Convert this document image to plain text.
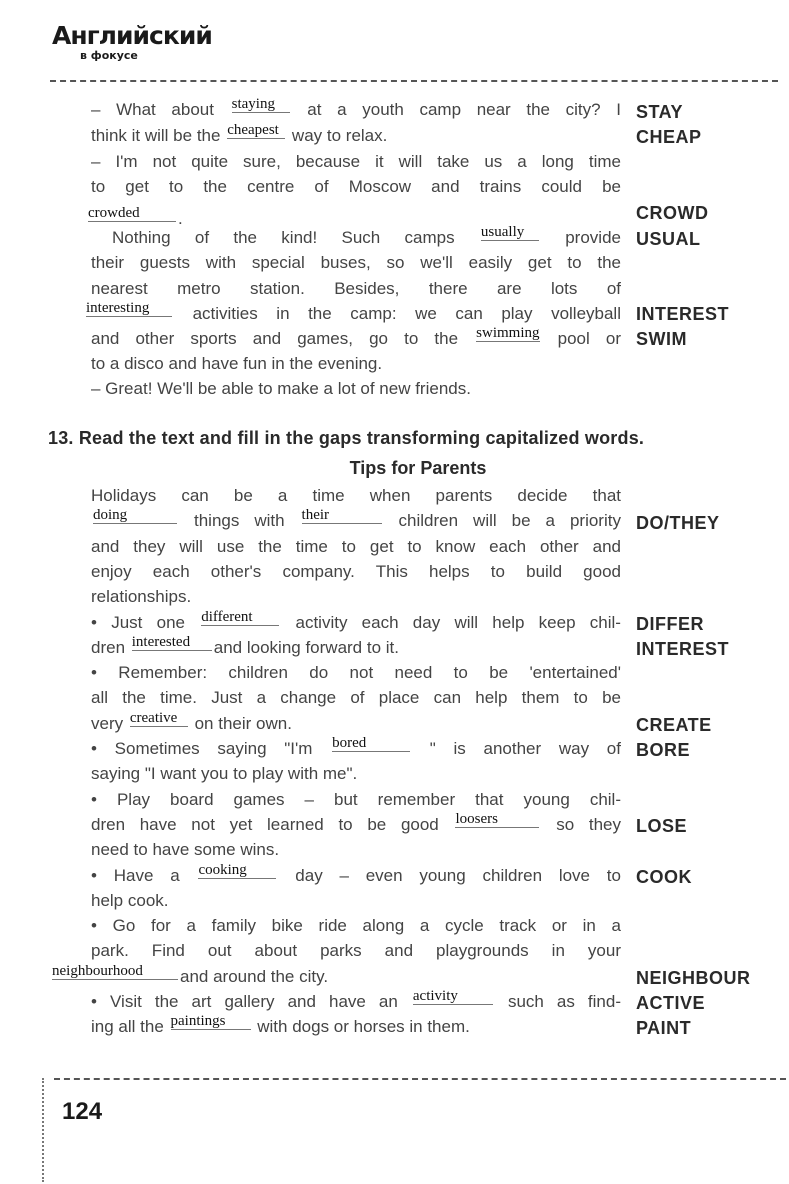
Английский
в фокусе
– What about staying at a youth camp near the city? I STAY
think it will be the cheapest way to relax.	CHEAP
– I'm not quite sure, because it will take us a long time
to get to the centre of Moscow and trains could be
crowded .	CROWD
Nothing of the kind! Such camps usually provide USUAL
their guests with special buses, so we'll easily get to the
nearest metro station. Besides, there are lots of
interesting	activities in the camp: we can play volleyball INTEREST
and other sports and games, go to the swimming pool or SWIM
to a disco and have fun in the evening.
– Great! We'll be able to make a lot of new friends.
13. Read the text and fill in the gaps transforming capitalized words.
Tips for Parents
Holidays can be a time when parents decide that
doing	things with their	children will be a priority DO/THEY
and they will use the time to get to know each other and
enjoy each other's company. This helps to build good
relationships.
• Just one different	activity each day will help keep chil- DIFFER
dren interested and looking forward to it.	INTEREST
• Remember: children do not need to be 'entertained'
all the time. Just a change of place can help them to be
very creative on their own.	CREATE
• Sometimes saying "I'm bored	" is another way of BORE
saying "I want you to play with me".
• Play board games – but remember that young chil-
dren have not yet learned to be good loosers	so they LOSE
need to have some wins.
• Have a cooking	day – even young children love to COOK
help cook.
• Go for a family bike ride along a cycle track or in a
park. Find out about parks and playgrounds in your
neighbourhood and around the city.	NEIGHBOUR
• Visit the art gallery and have an activity	such as find- ACTIVE
ing all the paintings with dogs or horses in them.	PAINT
124
